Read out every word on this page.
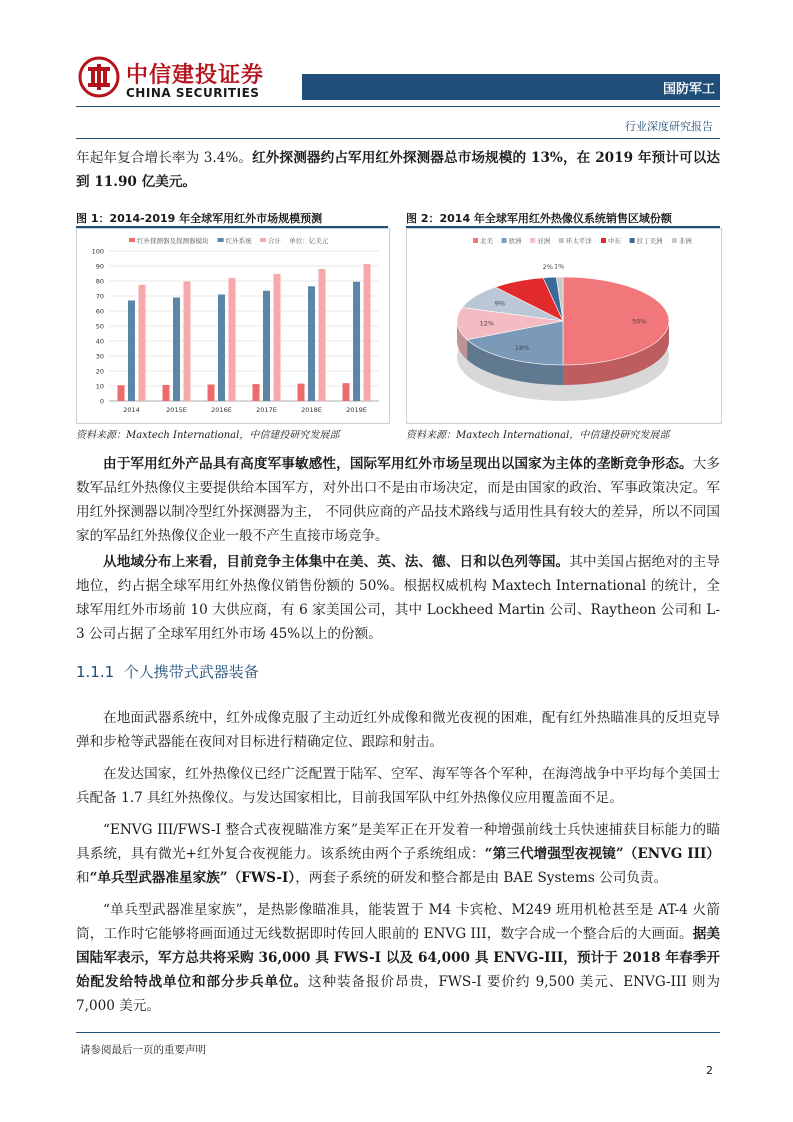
中信建投证券
CHINA SECURITIES	国防军工
行业深度研究报告
年起年复合增长率为 3.4%。红外探测器约占军用红外探测器总市场规模的 13%，在 2019 年预计可以达到 11.90 亿美元。
图 1：2014-2019 年全球军用红外市场规模预测
红外探测器及探测器模块	红外系统	合计 单位：亿美元
0
10
20
30
40
50
60
70
80
90
100
2014	2015E	2016E	2017E	2018E	2019E
资料来源：Maxtech International，中信建投研究发展部
图 2：2014 年全球军用红外热像仪系统销售区域份额
北美 欧洲 亚洲 环太平洋 中东 拉丁美洲 非洲
50%
18%
12%
9%
2% 1%
资料来源：Maxtech International，中信建投研究发展部
由于军用红外产品具有高度军事敏感性，国际军用红外市场呈现出以国家为主体的垄断竞争形态。大多数军品红外热像仪主要提供给本国军方，对外出口不是由市场决定，而是由国家的政治、军事政策决定。军用红外探测器以制冷型红外探测器为主， 不同供应商的产品技术路线与适用性具有较大的差异，所以不同国家的军品红外热像仪企业一般不产生直接市场竞争。
从地域分布上来看，目前竞争主体集中在美、英、法、德、日和以色列等国。其中美国占据绝对的主导地位，约占据全球军用红外热像仪销售份额的 50%。根据权威机构 Maxtech International 的统计，全球军用红外市场前 10 大供应商，有 6 家美国公司，其中 Lockheed Martin 公司、Raytheon 公司和 L-3 公司占据了全球军用红外市场 45%以上的份额。
1.1.1 个人携带式武器装备
在地面武器系统中，红外成像克服了主动近红外成像和微光夜视的困难，配有红外热瞄准具的反坦克导弹和步枪等武器能在夜间对目标进行精确定位、跟踪和射击。
在发达国家，红外热像仪已经广泛配置于陆军、空军、海军等各个军种，在海湾战争中平均每个美国士兵配备 1.7 具红外热像仪。与发达国家相比，目前我国军队中红外热像仪应用覆盖面不足。
“ENVG III/FWS-I 整合式夜视瞄准方案”是美军正在开发着一种增强前线士兵快速捕获目标能力的瞄具系统，具有微光+红外复合夜视能力。该系统由两个子系统组成：“第三代增强型夜视镜”（ENVG III）和“单兵型武器准星家族”（FWS-I），两套子系统的研发和整合都是由 BAE Systems 公司负责。
“单兵型武器准星家族”，是热影像瞄准具，能装置于 M4 卡宾枪、M249 班用机枪甚至是 AT-4 火箭筒，工作时它能够将画面通过无线数据即时传回人眼前的 ENVG III，数字合成一个整合后的大画面。据美国陆军表示，军方总共将采购 36,000 具 FWS-I 以及 64,000 具 ENVG-III，预计于 2018 年春季开始配发给特战单位和部分步兵单位。这种装备报价昂贵，FWS-I 要价约 9,500 美元、ENVG-III 则为 7,000 美元。
请参阅最后一页的重要声明
2
